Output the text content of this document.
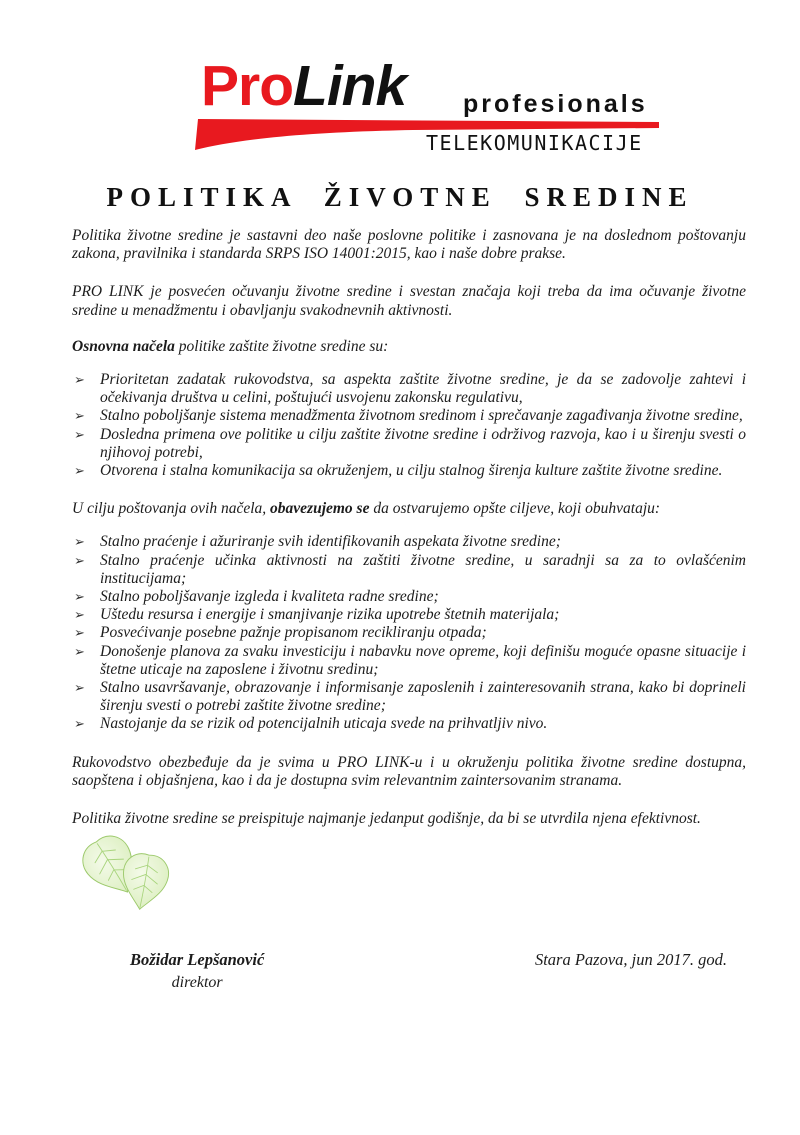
ProLink profesionals
TELEKOMUNIKACIJE
POLITIKA ŽIVOTNE SREDINE

Politika životne sredine je sastavni deo naše poslovne politike i zasnovana je na doslednom poštovanju zakona, pravilnika i standarda SRPS ISO 14001:2015, kao i naše dobre prakse.

PRO LINK je posvećen očuvanju životne sredine i svestan značaja koji treba da ima očuvanje životne sredine u menadžmentu i obavljanju svakodnevnih aktivnosti.

Osnovna načela politike zaštite životne sredine su:

➢ Prioritetan zadatak rukovodstva, sa aspekta zaštite životne sredine, je da se zadovolje zahtevi i očekivanja društva u celini, poštujući usvojenu zakonsku regulativu,
➢ Stalno poboljšanje sistema menadžmenta životnom sredinom i sprečavanje zagađivanja životne sredine,
➢ Dosledna primena ove politike u cilju zaštite životne sredine i održivog razvoja, kao i u širenju svesti o njihovoj potrebi,
➢ Otvorena i stalna komunikacija sa okruženjem, u cilju stalnog širenja kulture zaštite životne sredine.

U cilju poštovanja ovih načela, obavezujemo se da ostvarujemo opšte ciljeve, koji obuhvataju:

➢ Stalno praćenje i ažuriranje svih identifikovanih aspekata životne sredine;
➢ Stalno praćenje učinka aktivnosti na zaštiti životne sredine, u saradnji sa za to ovlašćenim institucijama;
➢ Stalno poboljšavanje izgleda i kvaliteta radne sredine;
➢ Uštedu resursa i energije i smanjivanje rizika upotrebe štetnih materijala;
➢ Posvećivanje posebne pažnje propisanom recikliranju otpada;
➢ Donošenje planova za svaku investiciju i nabavku nove opreme, koji definišu moguće opasne situacije i štetne uticaje na zaposlene i životnu sredinu;
➢ Stalno usavršavanje, obrazovanje i informisanje zaposlenih i zainteresovanih strana, kako bi doprineli širenju svesti o potrebi zaštite životne sredine;
➢ Nastojanje da se rizik od potencijalnih uticaja svede na prihvatljiv nivo.

Rukovodstvo obezbeđuje da je svima u PRO LINK-u i u okruženju politika životne sredine dostupna, saopštena i objašnjena, kao i da je dostupna svim relevantnim zaintersovanim stranama.

Politika životne sredine se preispituje najmanje jedanput godišnje, da bi se utvrdila njena efektivnost.

Božidar Lepšanović
direktor
Stara Pazova, jun 2017. god.
